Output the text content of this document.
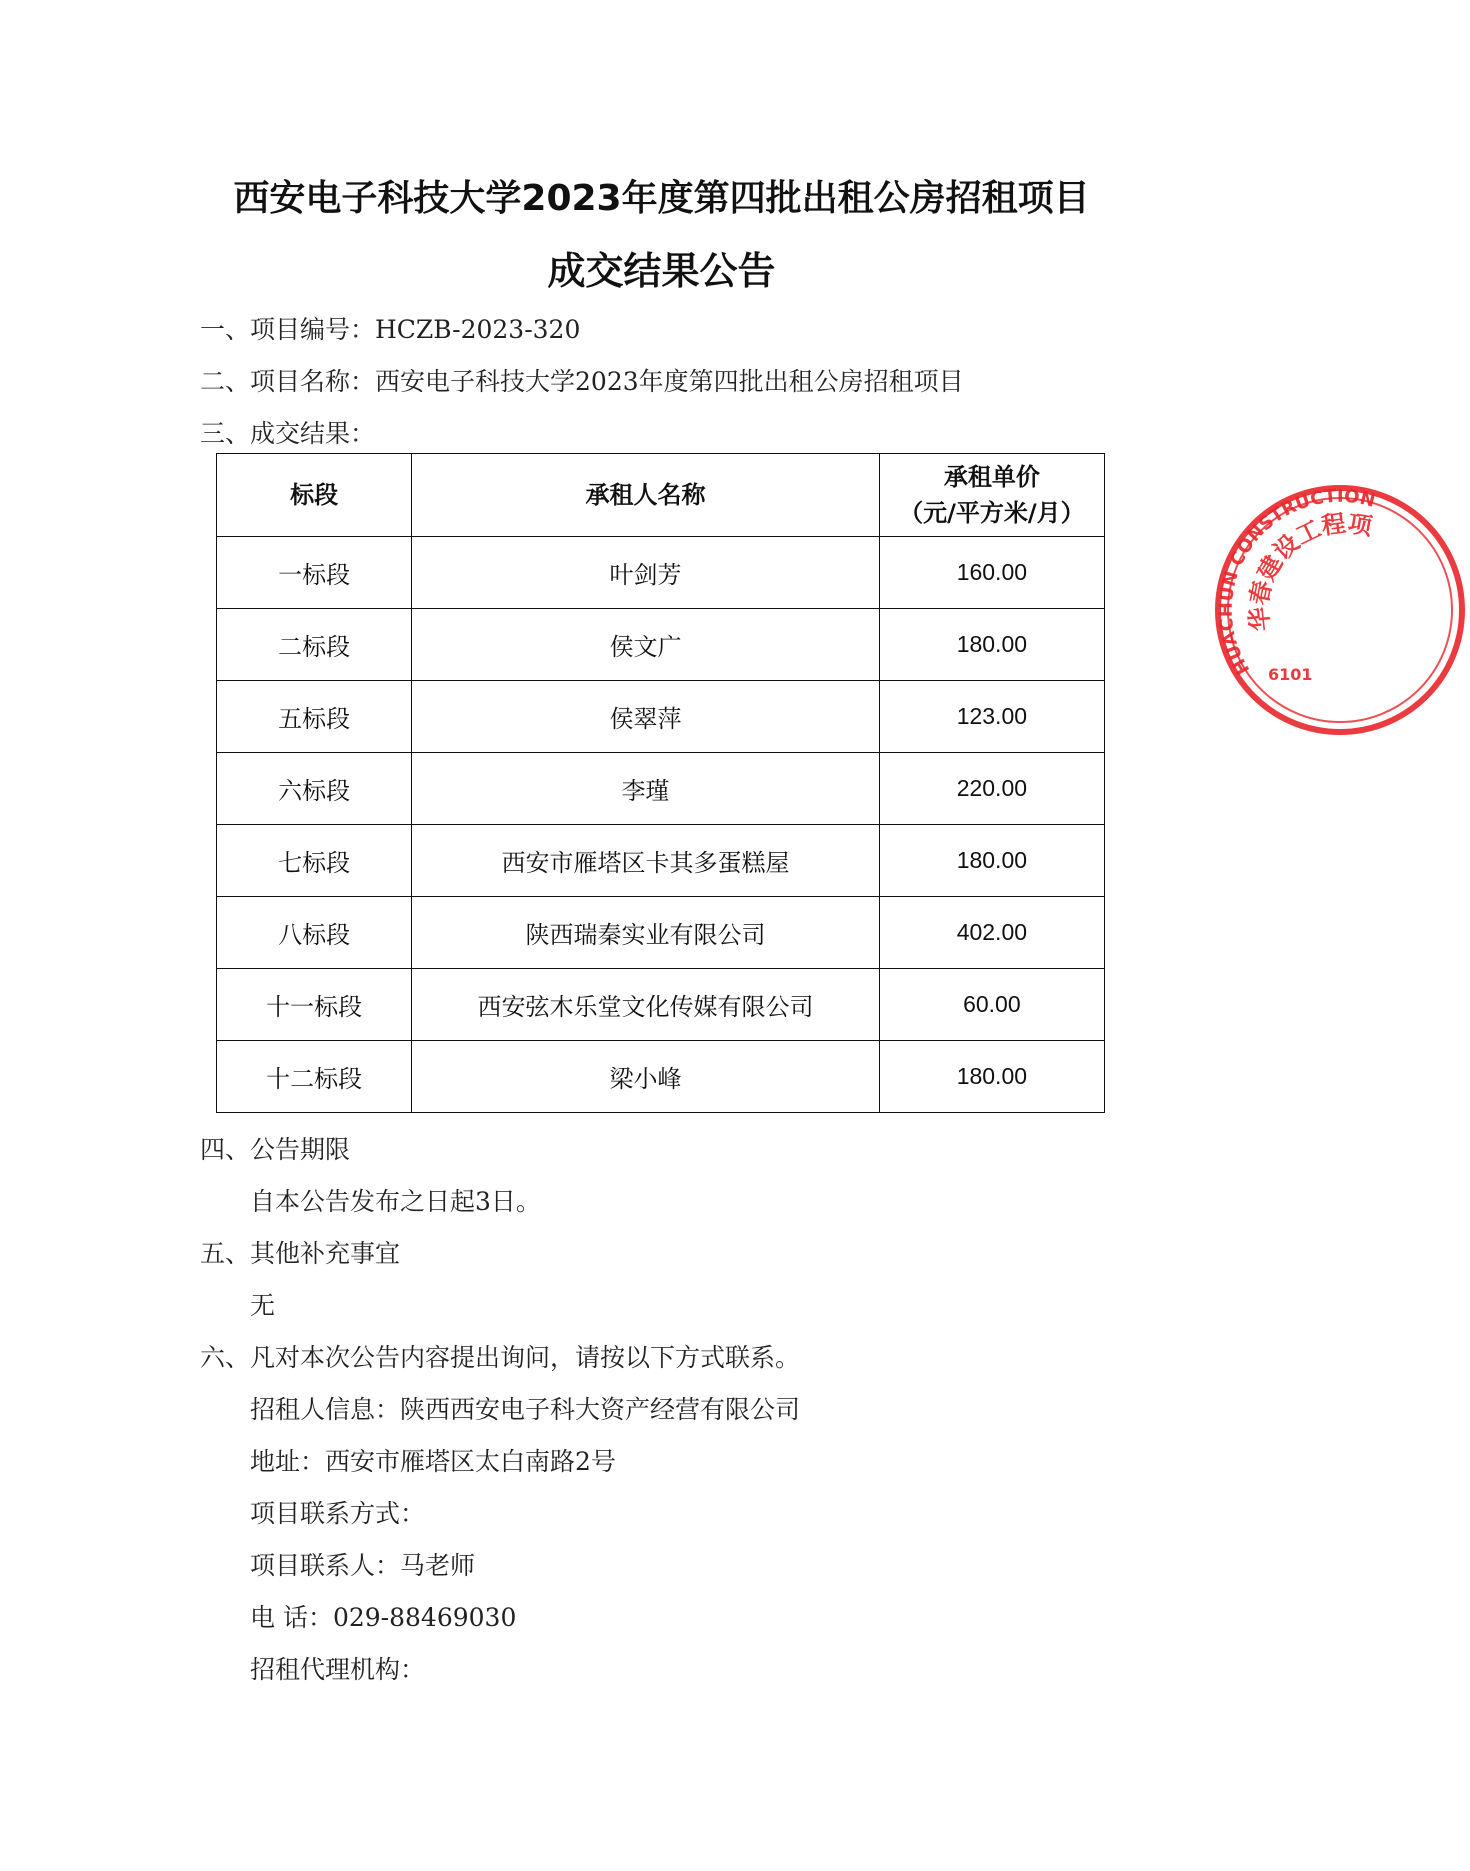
西安电子科技大学2023年度第四批出租公房招租项目
成交结果公告
一、项目编号：HCZB-2023-320
二、项目名称：西安电子科技大学2023年度第四批出租公房招租项目
三、成交结果：
标段	承租人名称	承租单价
（元/平方米/月）

一标段	叶剑芳	160.00
二标段	侯文广	180.00
五标段	侯翠萍	123.00
六标段	李瑾	220.00
七标段	西安市雁塔区卡其多蛋糕屋	180.00
八标段	陕西瑞秦实业有限公司	402.00
十一标段	西安弦木乐堂文化传媒有限公司	60.00
十二标段	梁小峰	180.00
四、公告期限
自本公告发布之日起3日。
五、其他补充事宜
无
六、凡对本次公告内容提出询问，请按以下方式联系。
招租人信息：陕西西安电子科大资产经营有限公司
地址：西安市雁塔区太白南路2号
项目联系方式：
项目联系人：马老师
电 话：029-88469030
招租代理机构：
HUACHUN CONSTRUCTION
华春建设工程项
6101
